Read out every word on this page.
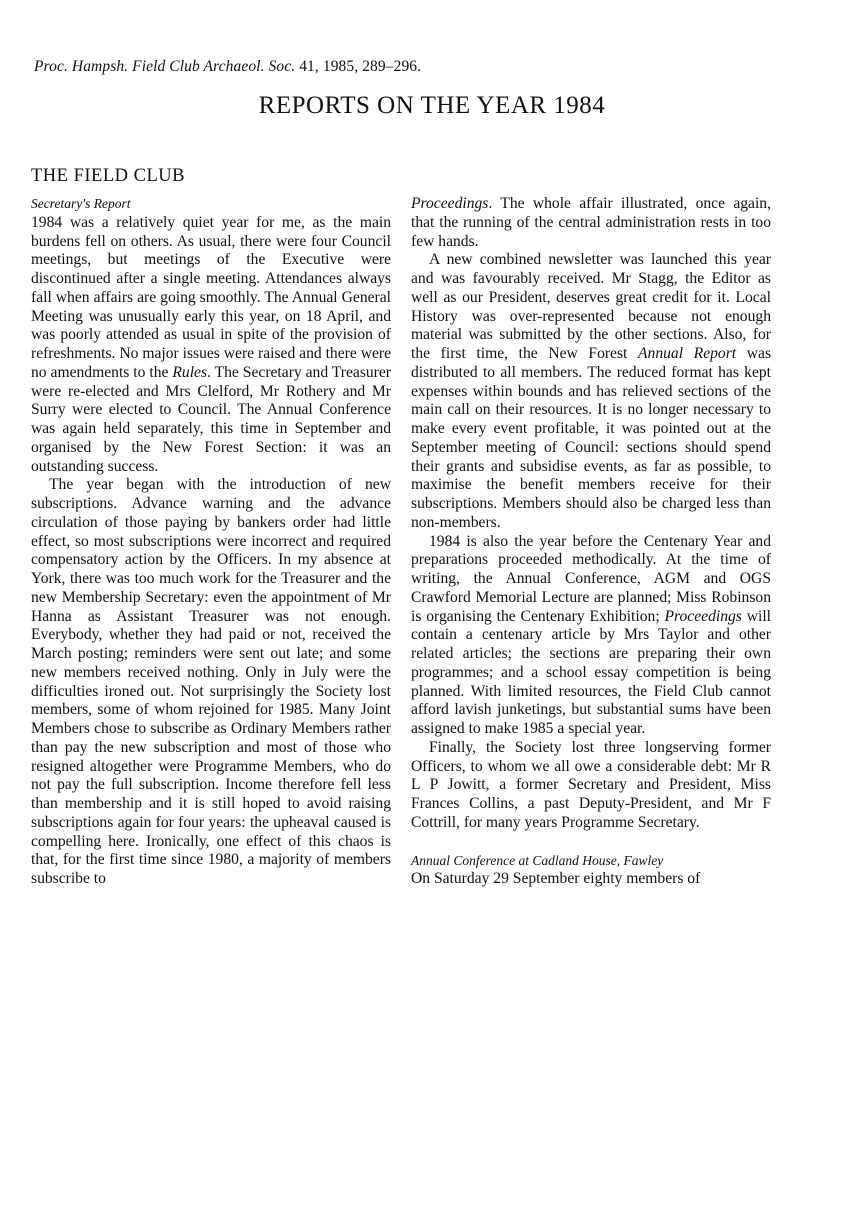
Proc. Hampsh. Field Club Archaeol. Soc. 41, 1985, 289–296.
REPORTS ON THE YEAR 1984
THE FIELD CLUB

Secretary's Report

1984 was a relatively quiet year for me, as the main burdens fell on others. As usual, there were four Council meetings, but meetings of the Executive were discontinued after a single meeting. Attendances always fall when affairs are going smoothly. The Annual General Meeting was unusually early this year, on 18 April, and was poorly attended as usual in spite of the provision of refreshments. No major issues were raised and there were no amendments to the Rules. The Secretary and Treasurer were re-elected and Mrs Clelford, Mr Rothery and Mr Surry were elected to Council. The Annual Conference was again held separately, this time in September and organised by the New Forest Section: it was an outstanding success.

The year began with the introduction of new subscriptions. Advance warning and the advance circulation of those paying by bankers order had little effect, so most subscriptions were incorrect and required compensatory action by the Officers. In my absence at York, there was too much work for the Treasurer and the new Membership Secretary: even the appointment of Mr Hanna as Assistant Treasurer was not enough. Everybody, whether they had paid or not, received the March posting; reminders were sent out late; and some new members received nothing. Only in July were the difficulties ironed out. Not surprisingly the Society lost members, some of whom rejoined for 1985. Many Joint Members chose to subscribe as Ordinary Members rather than pay the new subscription and most of those who resigned altogether were Programme Members, who do not pay the full subscription. Income therefore fell less than membership and it is still hoped to avoid raising subscriptions again for four years: the upheaval caused is compelling here. Ironically, one effect of this chaos is that, for the first time since 1980, a majority of members subscribe to

Proceedings. The whole affair illustrated, once again, that the running of the central administration rests in too few hands.

A new combined newsletter was launched this year and was favourably received. Mr Stagg, the Editor as well as our President, deserves great credit for it. Local History was over-represented because not enough material was submitted by the other sections. Also, for the first time, the New Forest Annual Report was distributed to all members. The reduced format has kept expenses within bounds and has relieved sections of the main call on their resources. It is no longer necessary to make every event profitable, it was pointed out at the September meeting of Council: sections should spend their grants and subsidise events, as far as possible, to maximise the benefit members receive for their subscriptions. Members should also be charged less than non-members.

1984 is also the year before the Centenary Year and preparations proceeded methodically. At the time of writing, the Annual Conference, AGM and OGS Crawford Memorial Lecture are planned; Miss Robinson is organising the Centenary Exhibition; Proceedings will contain a centenary article by Mrs Taylor and other related articles; the sections are preparing their own programmes; and a school essay competition is being planned. With limited resources, the Field Club cannot afford lavish junketings, but substantial sums have been assigned to make 1985 a special year.

Finally, the Society lost three longserving former Officers, to whom we all owe a considerable debt: Mr R L P Jowitt, a former Secretary and President, Miss Frances Collins, a past Deputy-President, and Mr F Cottrill, for many years Programme Secretary.

Annual Conference at Cadland House, Fawley

On Saturday 29 September eighty members of
